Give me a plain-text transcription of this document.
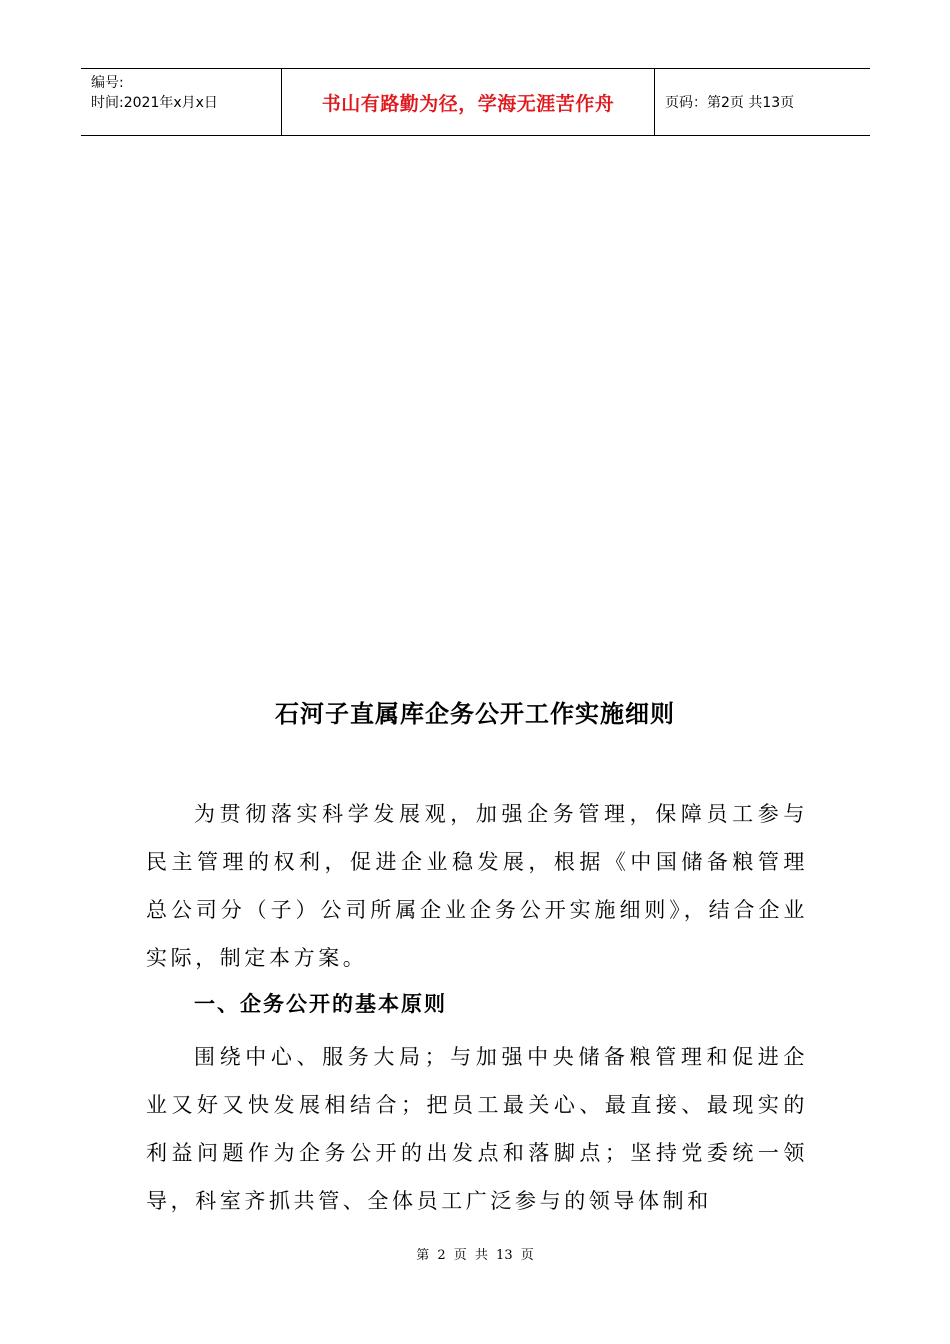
编号:
时间:2021年x月x日	书山有路勤为径，学海无涯苦作舟	页码：第2页 共13页
石河子直属库企务公开工作实施细则

为贯彻落实科学发展观，加强企务管理，保障员工参与民主管理的权利，促进企业稳发展，根据《中国储备粮管理总公司分（子）公司所属企业企务公开实施细则》，结合企业实际，制定本方案。

一、企务公开的基本原则

围绕中心、服务大局；与加强中央储备粮管理和促进企业又好又快发展相结合；把员工最关心、最直接、最现实的利益问题作为企务公开的出发点和落脚点；坚持党委统一领导，科室齐抓共管、全体员工广泛参与的领导体制和

第 2 页 共 13 页
